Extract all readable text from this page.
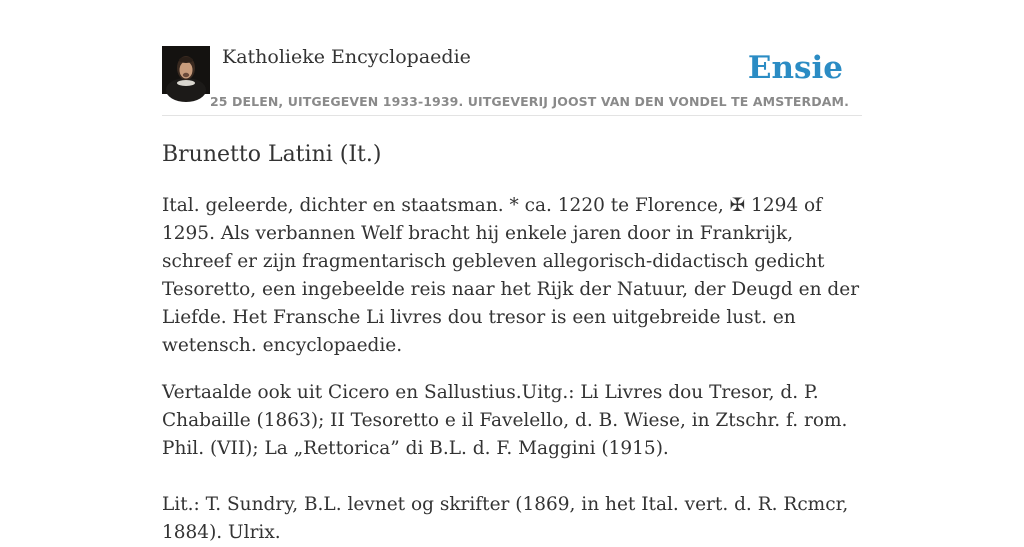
Katholieke Encyclopaedie	Ensie
25 DELEN, UITGEGEVEN 1933-1939. UITGEVERIJ JOOST VAN DEN VONDEL TE AMSTERDAM.
Brunetto Latini (It.)

Ital. geleerde, dichter en staatsman. * ca. 1220 te Florence, ✠ 1294 of 1295. Als verbannen Welf bracht hij enkele jaren door in Frankrijk, schreef er zijn fragmentarisch gebleven allegorisch-didactisch gedicht Tesoretto, een ingebeelde reis naar het Rijk der Natuur, der Deugd en der Liefde. Het Fransche Li livres dou tresor is een uitgebreide lust. en wetensch. encyclopaedie.

Vertaalde ook uit Cicero en Sallustius.Uitg.: Li Livres dou Tresor, d. P. Chabaille (1863); II Tesoretto e il Favelello, d. B. Wiese, in Ztschr. f. rom. Phil. (VII); La „Rettorica” di B.L. d. F. Maggini (1915).

Lit.: T. Sundry, B.L. levnet og skrifter (1869, in het Ital. vert. d. R. Rcmcr, 1884). Ulrix.
